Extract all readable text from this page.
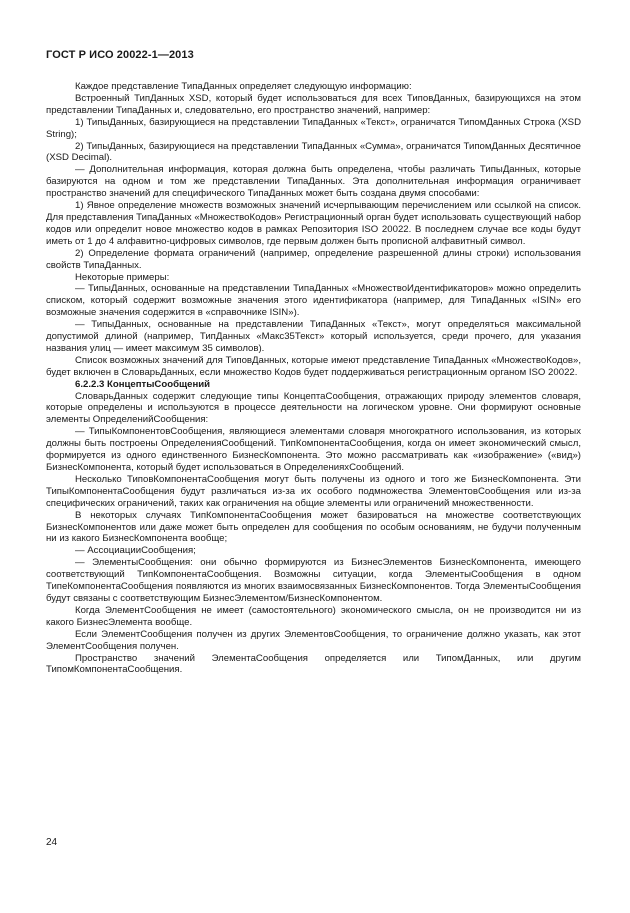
ГОСТ Р ИСО 20022-1—2013

Каждое представление ТипаДанных определяет следующую информацию:

Встроенный ТипДанных XSD, который будет использоваться для всех ТиповДанных, базирующихся на этом представлении ТипаДанных и, следовательно, его пространство значений, например:

1) ТипыДанных, базирующиеся на представлении ТипаДанных «Текст», ограничатся ТипомДанных Строка (XSD String);

2) ТипыДанных, базирующиеся на представлении ТипаДанных «Сумма», ограничатся ТипомДанных Десятичное (XSD Decimal).

— Дополнительная информация, которая должна быть определена, чтобы различать ТипыДанных, которые базируются на одном и том же представлении ТипаДанных. Эта дополнительная информация ограничивает пространство значений для специфического ТипаДанных может быть создана двумя способами:

1) Явное определение множеств возможных значений исчерпывающим перечислением или ссылкой на список. Для представления ТипаДанных «МножествоКодов» Регистрационный орган будет использовать существующий набор кодов или определит новое множество кодов в рамках Репозитория ISO 20022. В последнем случае все коды будут иметь от 1 до 4 алфавитно-цифровых символов, где первым должен быть прописной алфавитный символ.

2) Определение формата ограничений (например, определение разрешенной длины строки) использования свойств ТипаДанных.

Некоторые примеры:

— ТипыДанных, основанные на представлении ТипаДанных «МножествоИдентификаторов» можно определить списком, который содержит возможные значения этого идентификатора (например, для ТипаДанных «ISIN» его возможные значения содержится в «справочнике ISIN»).

— ТипыДанных, основанные на представлении ТипаДанных «Текст», могут определяться максимальной допустимой длиной (например, ТипДанных «Макс35Текст» который используется, среди прочего, для указания названия улиц — имеет максимум 35 символов).

Список возможных значений для ТиповДанных, которые имеют представление ТипаДанных «МножествоКодов», будет включен в СловарьДанных, если множество Кодов будет поддерживаться регистрационным органом ISO 20022.

6.2.2.3 КонцептыСообщений

СловарьДанных содержит следующие типы КонцептаСообщения, отражающих природу элементов словаря, которые определены и используются в процессе деятельности на логическом уровне. Они формируют основные элементы ОпределенийСообщения:

— ТипыКомпонентовСообщения, являющиеся элементами словаря многократного использования, из которых должны быть построены ОпределенияСообщений. ТипКомпонентаСообщения, когда он имеет экономический смысл, формируется из одного единственного БизнесКомпонента. Это можно рассматривать как «изображение» («вид») БизнесКомпонента, который будет использоваться в ОпределенияхСообщений.

Несколько ТиповКомпонентаСообщения могут быть получены из одного и того же БизнесКомпонента. Эти ТипыКомпонентаСообщения будут различаться из-за их особого подмножества ЭлементовСообщения или из-за специфических ограничений, таких как ограничения на общие элементы или ограничений множественности.

В некоторых случаях ТипКомпонентаСообщения может базироваться на множестве соответствующих БизнесКомпонентов или даже может быть определен для сообщения по особым основаниям, не будучи полученным ни из какого БизнесКомпонента вообще;

— АссоциацииСообщения;

— ЭлементыСообщения: они обычно формируются из БизнесЭлементов БизнесКомпонента, имеющего соответствующий ТипКомпонентаСообщения. Возможны ситуации, когда ЭлементыСообщения в одном ТипеКомпонентаСообщения появляются из многих взаимосвязанных БизнесКомпонентов. Тогда ЭлементыСообщения будут связаны с соответствующим БизнесЭлементом/БизнесКомпонентом.

Когда ЭлементСообщения не имеет (самостоятельного) экономического смысла, он не производится ни из какого БизнесЭлемента вообще.

Если ЭлементСообщения получен из других ЭлементовСообщения, то ограничение должно указать, как этот ЭлементСообщения получен.

Пространство значений ЭлементаСообщения определяется или ТипомДанных, или другим ТипомКомпонентаСообщения.

24
